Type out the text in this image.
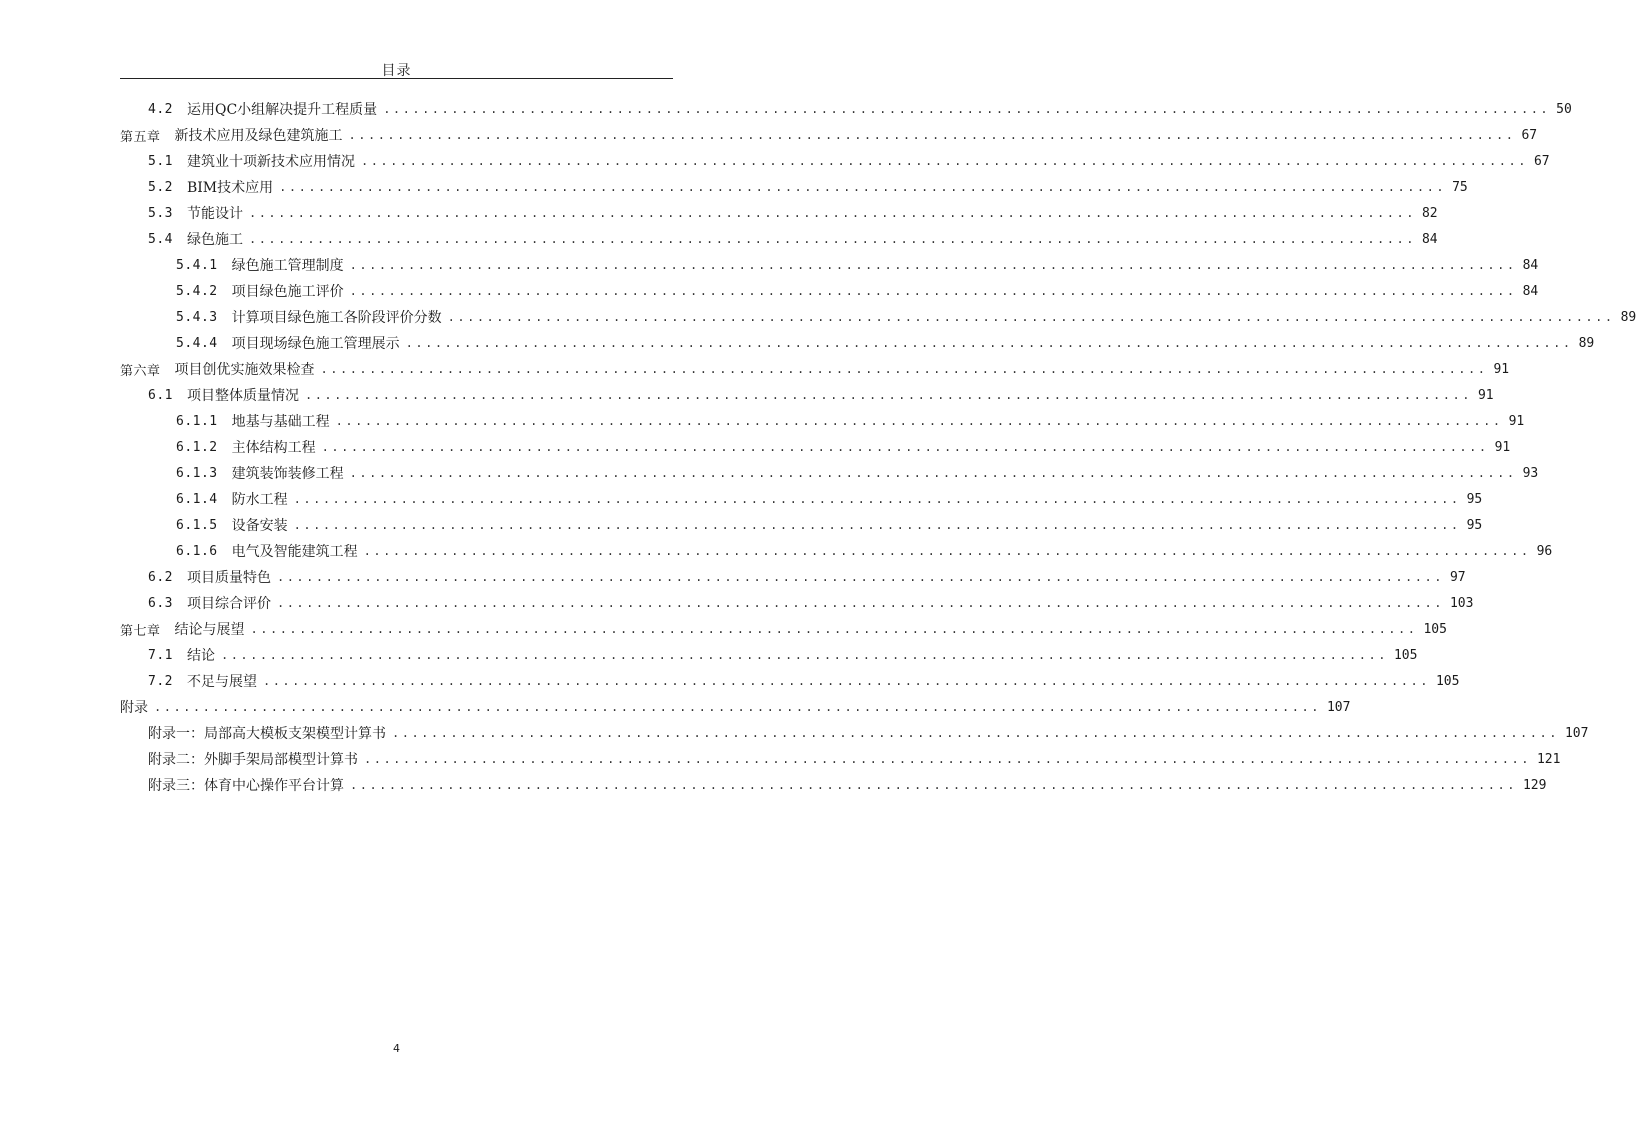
目录
4.2 运用QC小组解决提升工程质量 ........................................................................................................................ 50
第五章 新技术应用及绿色建筑施工 ........................................................................................................................ 67
5.1 建筑业十项新技术应用情况 ........................................................................................................................ 67
5.2 BIM技术应用 ........................................................................................................................ 75
5.3 节能设计 ........................................................................................................................ 82
5.4 绿色施工 ........................................................................................................................ 84
5.4.1 绿色施工管理制度 ........................................................................................................................ 84
5.4.2 项目绿色施工评价 ........................................................................................................................ 84
5.4.3 计算项目绿色施工各阶段评价分数 ........................................................................................................................ 89
5.4.4 项目现场绿色施工管理展示 ........................................................................................................................ 89
第六章 项目创优实施效果检查 ........................................................................................................................ 91
6.1 项目整体质量情况 ........................................................................................................................ 91
6.1.1 地基与基础工程 ........................................................................................................................ 91
6.1.2 主体结构工程 ........................................................................................................................ 91
6.1.3 建筑装饰装修工程 ........................................................................................................................ 93
6.1.4 防水工程 ........................................................................................................................ 95
6.1.5 设备安装 ........................................................................................................................ 95
6.1.6 电气及智能建筑工程 ........................................................................................................................ 96
6.2 项目质量特色 ........................................................................................................................ 97
6.3 项目综合评价 ........................................................................................................................ 103
第七章 结论与展望 ........................................................................................................................ 105
7.1 结论 ........................................................................................................................ 105
7.2 不足与展望 ........................................................................................................................ 105
附录 ........................................................................................................................ 107
附录一：局部高大模板支架模型计算书 ........................................................................................................................ 107
附录二：外脚手架局部模型计算书 ........................................................................................................................ 121
附录三：体育中心操作平台计算 ........................................................................................................................ 129
4
